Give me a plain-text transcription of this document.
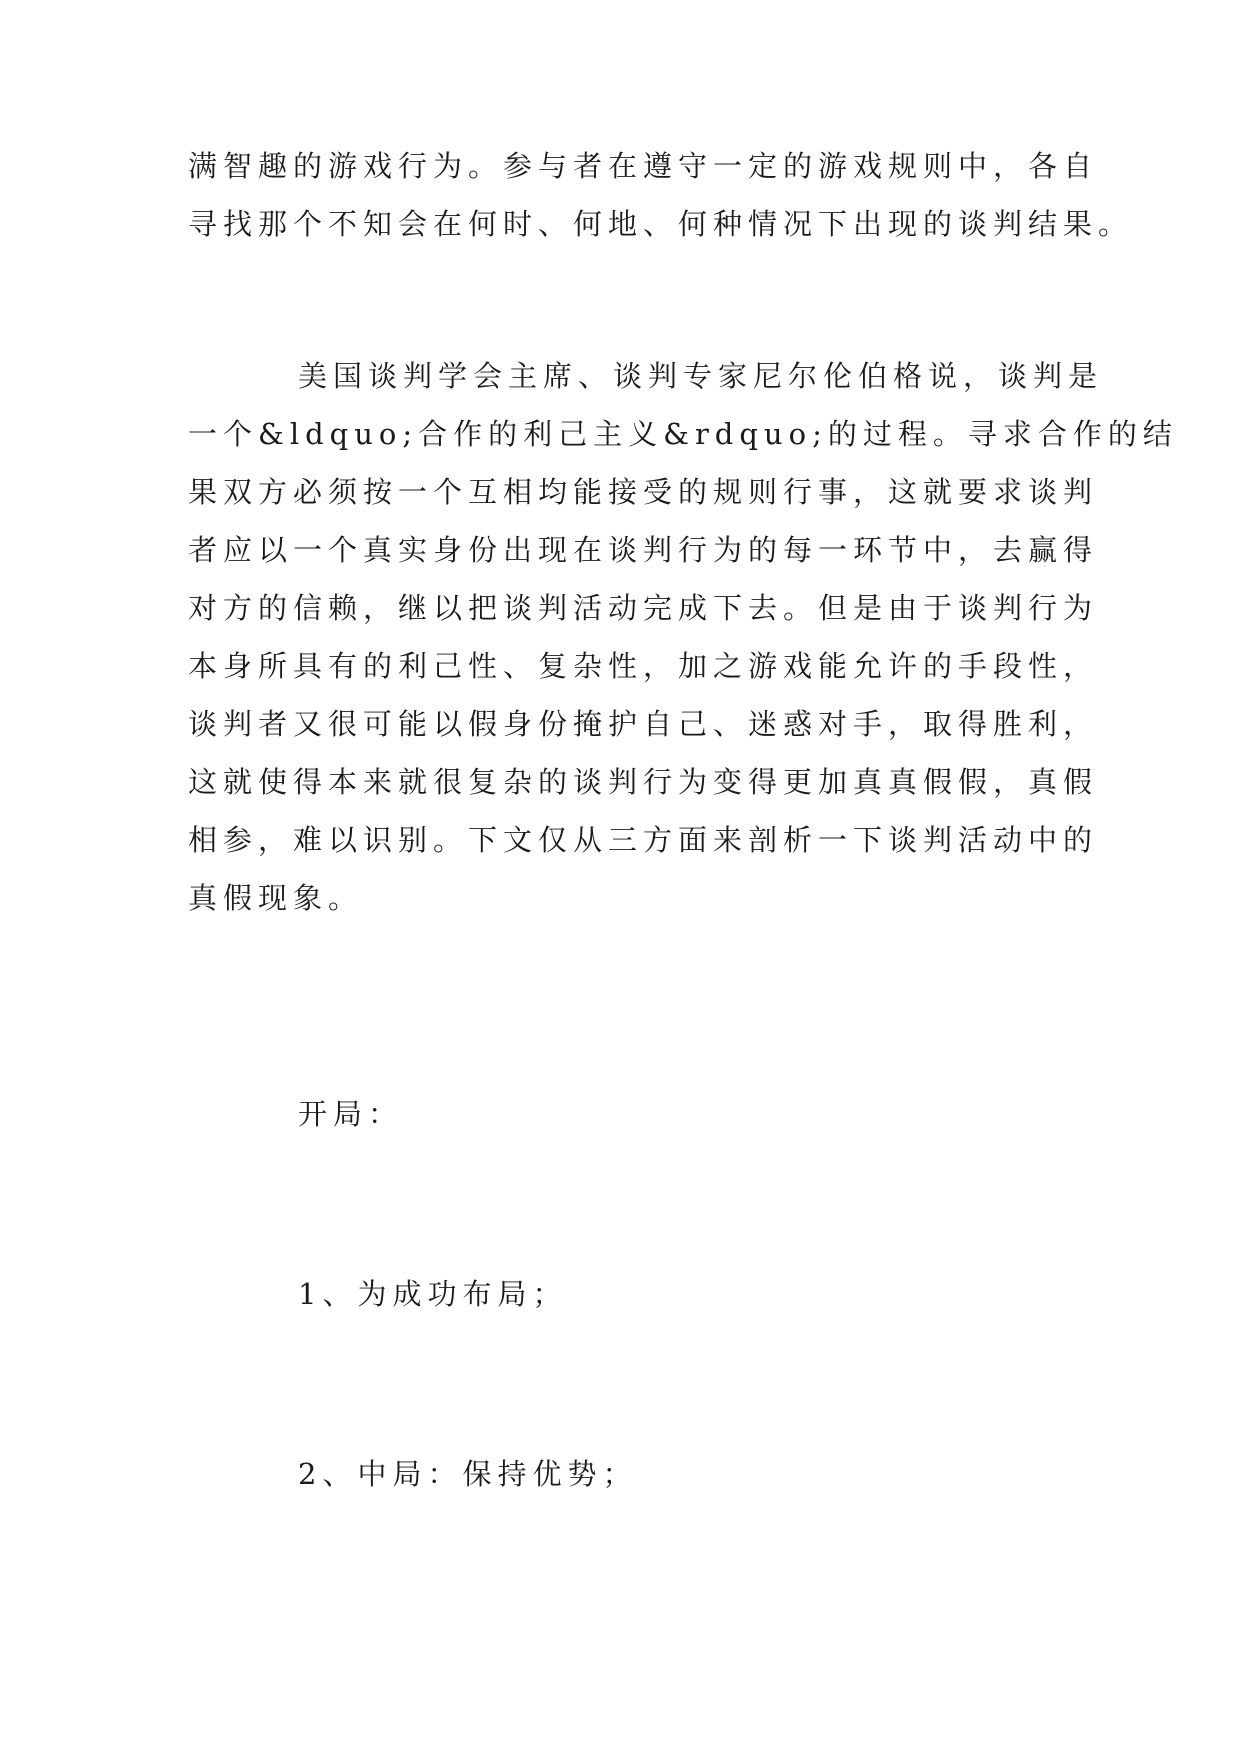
满智趣的游戏行为。参与者在遵守一定的游戏规则中，各自
寻找那个不知会在何时、何地、何种情况下出现的谈判结果。
美国谈判学会主席、谈判专家尼尔伦伯格说，谈判是
一个&ldquo;合作的利己主义&rdquo;的过程。寻求合作的结
果双方必须按一个互相均能接受的规则行事，这就要求谈判
者应以一个真实身份出现在谈判行为的每一环节中，去赢得
对方的信赖，继以把谈判活动完成下去。但是由于谈判行为
本身所具有的利己性、复杂性，加之游戏能允许的手段性，
谈判者又很可能以假身份掩护自己、迷惑对手，取得胜利，
这就使得本来就很复杂的谈判行为变得更加真真假假，真假
相参，难以识别。下文仅从三方面来剖析一下谈判活动中的
真假现象。
开局：
1、为成功布局；
2、中局：保持优势；
